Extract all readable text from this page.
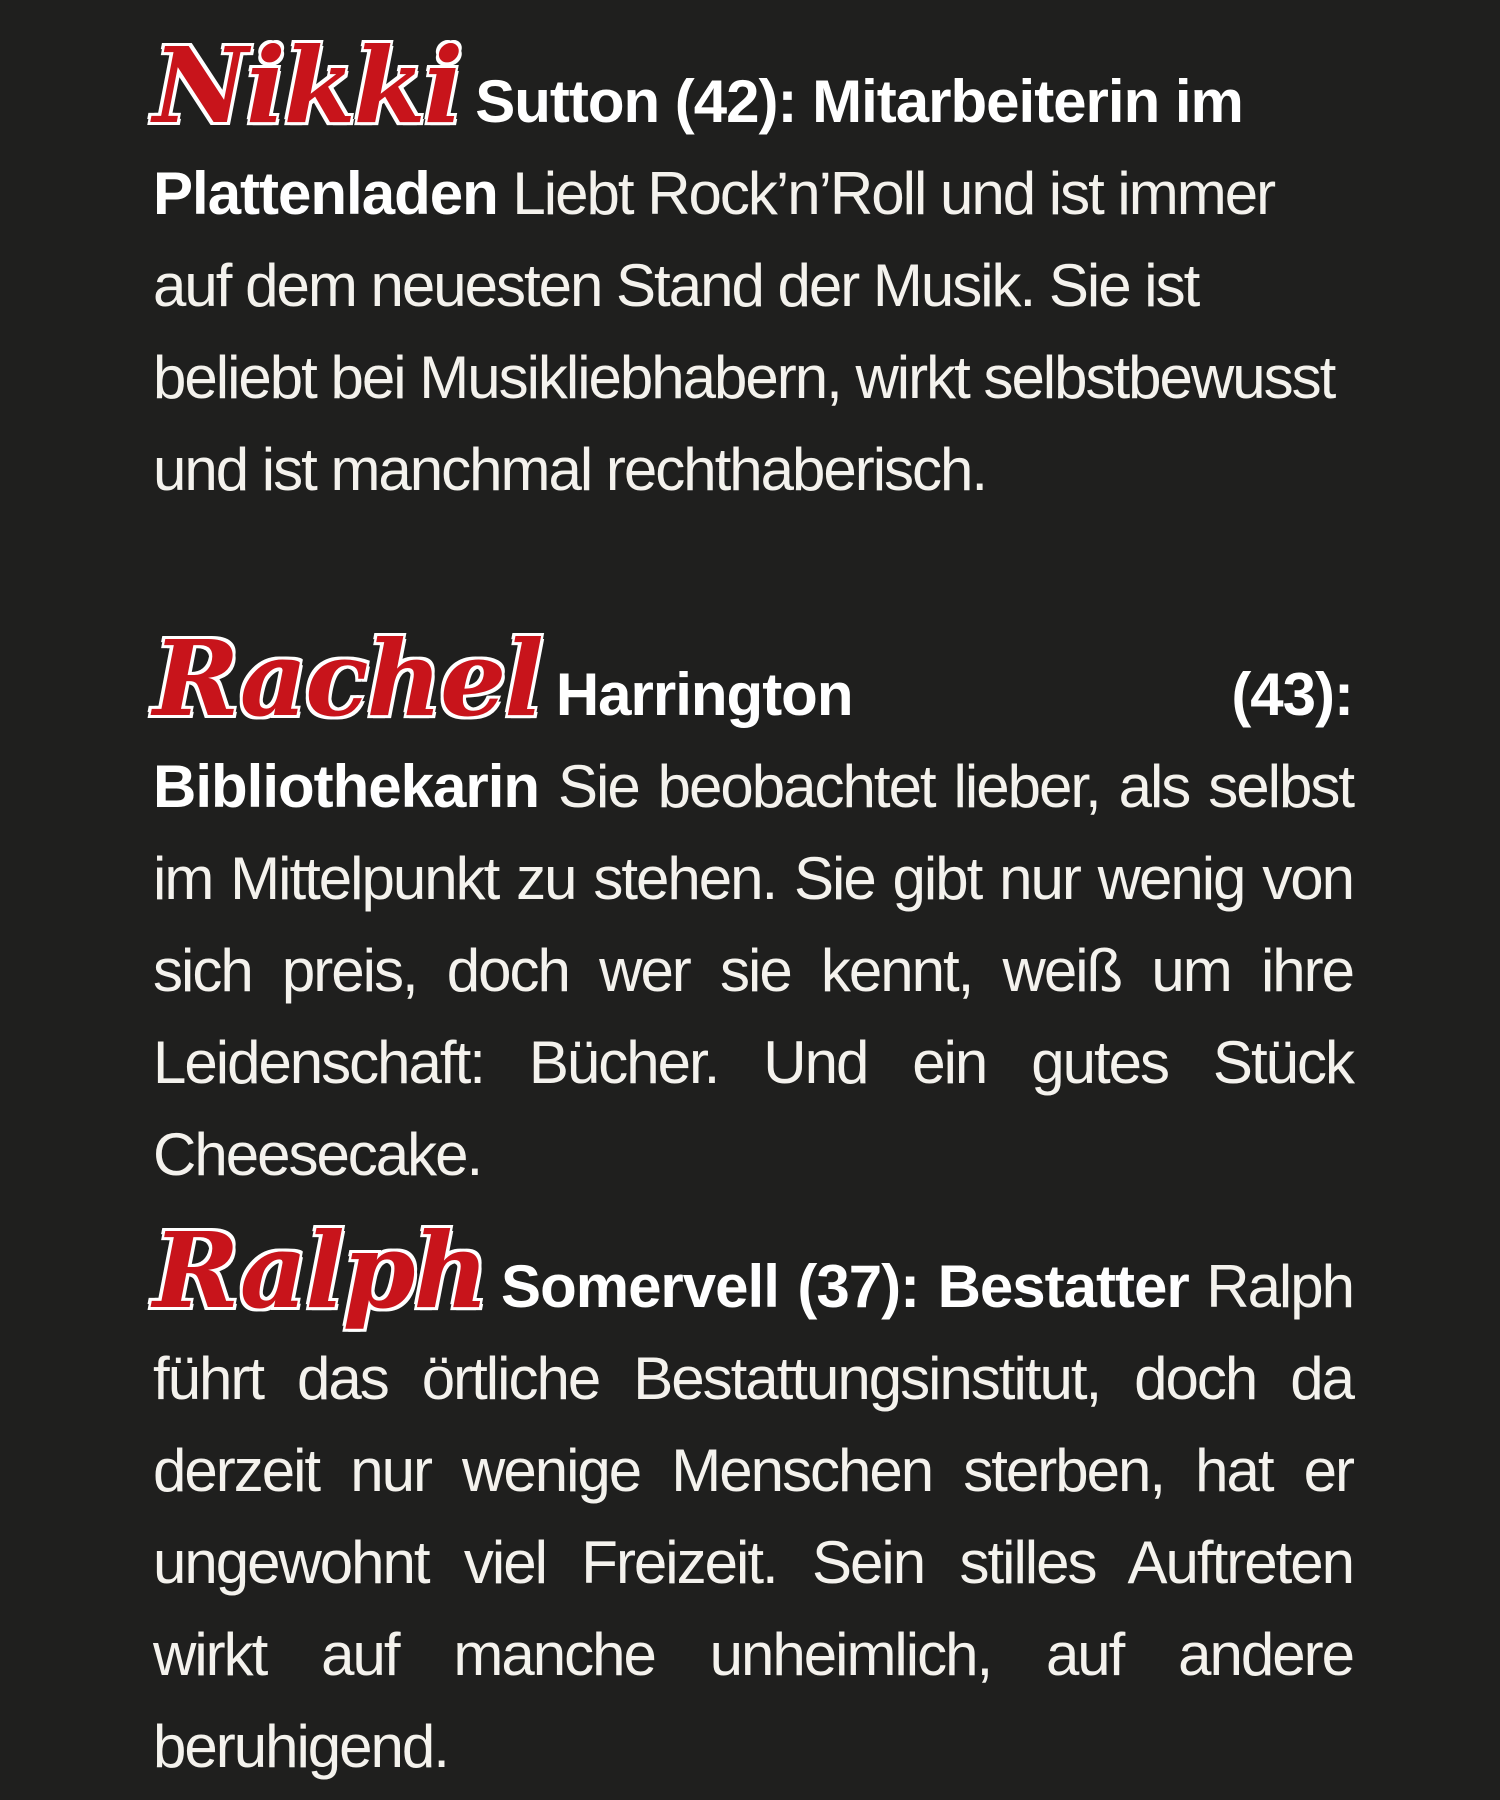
Nikki Sutton (42): Mitarbeiterin im Plattenladen Liebt Rock’n’Roll und ist immer auf dem neuesten Stand der Musik. Sie ist beliebt bei Musikliebhabern, wirkt selbstbewusst und ist manchmal rechthaberisch.

Rachel Harrington (43): Bibliothekarin Sie beobachtet lieber, als selbst im Mittelpunkt zu stehen. Sie gibt nur wenig von sich preis, doch wer sie kennt, weiß um ihre Leidenschaft: Bücher. Und ein gutes Stück Cheesecake.

Ralph Somervell (37): Bestatter Ralph führt das örtliche Bestattungsinstitut, doch da derzeit nur wenige Menschen sterben, hat er ungewohnt viel Freizeit. Sein stilles Auftreten wirkt auf manche unheimlich, auf andere beruhigend.
